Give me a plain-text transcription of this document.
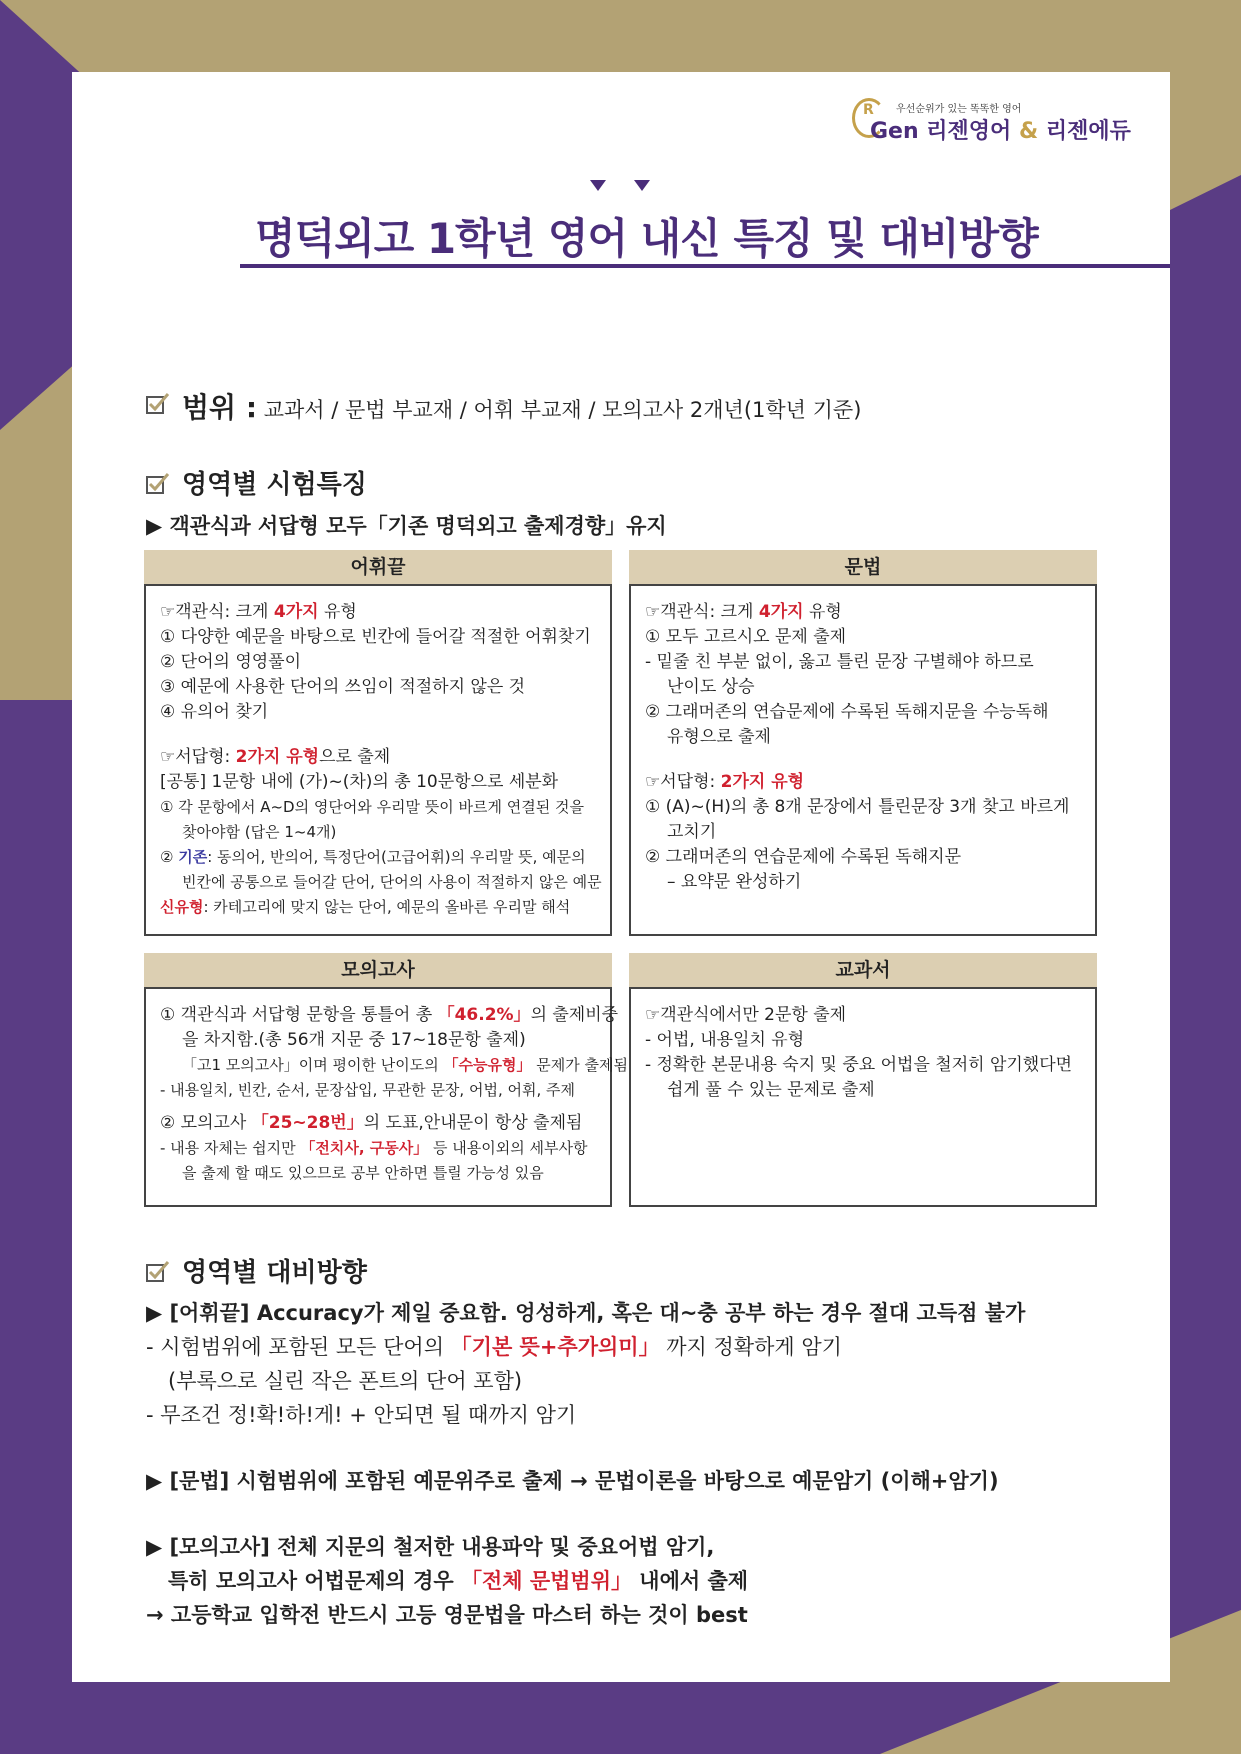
R 우선순위가 있는 똑똑한 영어
Gen 리젠영어 & 리젠에듀
명덕외고 1학년 영어 내신 특징 및 대비방향
범위 : 교과서 / 문법 부교재 / 어휘 부교재 / 모의고사 2개년(1학년 기준)
영역별 시험특징
▶ 객관식과 서답형 모두「기존 명덕외고 출제경향」유지
어휘끝

☞객관식: 크게 4가지 유형

① 다양한 예문을 바탕으로 빈칸에 들어갈 적절한 어휘찾기

② 단어의 영영풀이

③ 예문에 사용한 단어의 쓰임이 적절하지 않은 것

④ 유의어 찾기

☞서답형: 2가지 유형으로 출제

[공통] 1문항 내에 (가)~(차)의 총 10문항으로 세분화

① 각 문항에서 A~D의 영단어와 우리말 뜻이 바르게 연결된 것을

찾아야함 (답은 1~4개)

② 기존: 동의어, 반의어, 특정단어(고급어휘)의 우리말 뜻, 예문의

빈칸에 공통으로 들어갈 단어, 단어의 사용이 적절하지 않은 예문

신유형: 카테고리에 맞지 않는 단어, 예문의 올바른 우리말 해석

문법

☞객관식: 크게 4가지 유형

① 모두 고르시오 문제 출제

- 밑줄 친 부분 없이, 옳고 틀린 문장 구별해야 하므로

난이도 상승

② 그래머존의 연습문제에 수록된 독해지문을 수능독해

유형으로 출제

☞서답형: 2가지 유형

① (A)~(H)의 총 8개 문장에서 틀린문장 3개 찾고 바르게

고치기

② 그래머존의 연습문제에 수록된 독해지문

– 요약문 완성하기

모의고사

① 객관식과 서답형 문항을 통틀어 총 「46.2%」의 출제비중

을 차지함.(총 56개 지문 중 17~18문항 출제)

「고1 모의고사」이며 평이한 난이도의 「수능유형」 문제가 출제됨

- 내용일치, 빈칸, 순서, 문장삽입, 무관한 문장, 어법, 어휘, 주제

② 모의고사 「25~28번」의 도표,안내문이 항상 출제됨

- 내용 자체는 쉽지만 「전치사, 구동사」 등 내용이외의 세부사항

을 출제 할 때도 있으므로 공부 안하면 틀릴 가능성 있음

교과서

☞객관식에서만 2문항 출제

- 어법, 내용일치 유형

- 정확한 본문내용 숙지 및 중요 어법을 철저히 암기했다면

쉽게 풀 수 있는 문제로 출제

영역별 대비방향

▶ [어휘끝] Accuracy가 제일 중요함. 엉성하게, 혹은 대~충 공부 하는 경우 절대 고득점 불가

- 시험범위에 포함된 모든 단어의 「기본 뜻+추가의미」 까지 정확하게 암기

(부록으로 실린 작은 폰트의 단어 포함)

- 무조건 정!확!하!게! + 안되면 될 때까지 암기

▶ [문법] 시험범위에 포함된 예문위주로 출제 → 문법이론을 바탕으로 예문암기 (이해+암기)

▶ [모의고사] 전체 지문의 철저한 내용파악 및 중요어법 암기,

특히 모의고사 어법문제의 경우 「전체 문법범위」 내에서 출제

→ 고등학교 입학전 반드시 고등 영문법을 마스터 하는 것이 best
